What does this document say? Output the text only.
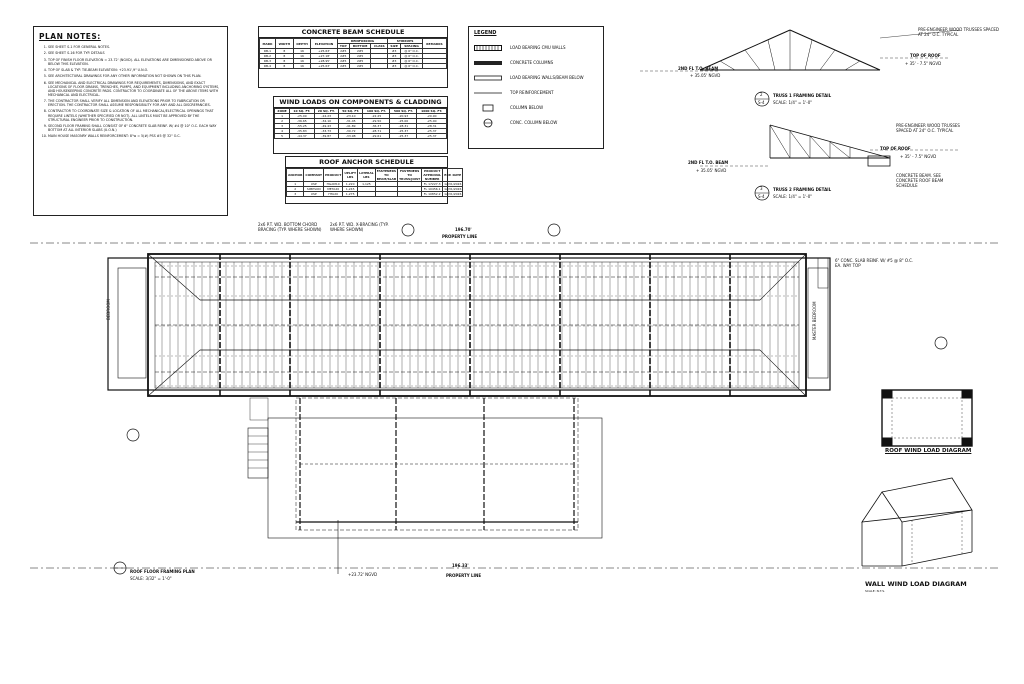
PLAN NOTES:
1. SEE SHEET S-1 FOR GENERAL NOTES.
2. SEE SHEET S-16 FOR TYP. DETAILS
3. TOP OF FINISH FLOOR ELEVATION = 23.72' (NGVD). ALL ELEVATIONS ARE DIMENSIONED ABOVE OR BELOW THIS ELEVATION.
4. TOP OF SLAB & TYP. TIE-BEAM ELEVATION: +23.91',9" U.N.O.
5. SEE ARCHITECTURAL DRAWINGS FOR ANY OTHER INFORMATION NOT SHOWN ON THIS PLAN.
6. SEE MECHANICAL AND ELECTRICAL DRAWINGS FOR REQUIREMENTS, DIMENSIONS, AND EXACT LOCATIONS OF FLOOR DRAINS, TRENCHES, PUMPS, AND EQUIPMENT INCLUDING ANCHORING SYSTEMS, AND HOUSEKEEPING CONCRETE PADS. CONTRACTOR TO COORDINATE ALL OF THE ABOVE ITEMS WITH MECHANICAL AND ELECTRICAL.
7. THE CONTRACTOR SHALL VERIFY ALL DIMENSION AND ELEVATIONS PRIOR TO FABRICATION OR ERECTION. THE CONTRACTOR SHALL ASSUME RESPONSIBILITY FOR ANY AND ALL DISCREPANCIES.
8. CONTRACTOR TO COORDINATE SIZE & LOCATION OF ALL MECHANICAL/ELECTRICAL OPENINGS THAT REQUIRE LINTELS (WHETHER SPECIFIED OR NOT). ALL LINTELS MUST BE APPROVED BY THE STRUCTURAL ENGINEER PRIOR TO CONSTRUCTION.
9. SECOND FLOOR FRAMING SHALL CONSIST OF 6" CONCRETE SLAB REINF. W/ #4 @ 10" O.C. EACH WAY BOTTOM AT ALL INTERIOR SLABS (U.O.N.)
10. MAIN HOUSE MASONRY WALLS REINFORCEMENT: 8"w = 5(#) PSS #5 @ 32" O.C.
CONCRETE BEAM SCHEDULE
MARK	WIDTH	DEPTH	ELEVATION	REINFORCING			STIRRUPS		REMARKS
				TOP	BOTTOM	CLASS	SIZE	SPACING	
RB-1	8	16	+25.63'	2#5	2#5		#3	@ 6" O.C.	
RB-2	8	16	+27.18'	2#5	2#5		#3	@ 6" O.C.	
RB-3	8	16	+28.95'	2#5	2#5		#3	@ 6" O.C.	
RB-4	8	16	+25.63'	2#5	2#5		#3	@ 6" O.C.	
WIND LOADS ON COMPONENTS & CLADDING
ZONE	10 SQ. FT.	20 SQ. FT.	50 SQ. FT.	100 SQ. FT.	500 SQ. FT.	1000 SQ. FT.
1	-25.09	-24.23	-23.10	-22.25	-20.93	-20.90
2	-36.65	-34.10	-31.45	-29.50	-25.00	-25.00
3	-55.25	-49.43	-41.89	-36.37	-28.31	-28.31
4	-35.83	-33.73	-30.72	-28.71	-25.37	-25.37
5	-44.37	-39.87	-33.98	-29.61	-25.37	-25.37
ROOF ANCHOR SCHEDULE
ANCHOR	COMPANY	PRODUCT	UPLIFT LBS	LATERAL LBS	FASTENERS TO BEAM/SLAB	FASTENERS TO TRUSS/JOIST	PRODUCT APPROVAL NUMBER	EXP. DATE
1	USP	HGAM10	1,220	1,125			FL 17227.3	12/31/2026
2	SIMPSON	META20	1,245				FL 10456.1	12/31/2026
3	USP	HTA20	1,275				FL 10852.2	12/31/2026
LEGEND
LOAD BEARING CMU WALLS
CONCRETE COLUMNS
LOAD BEARING WALLS/BEAM BELOW
TOP REINFORCEMENT
COLUMN BELOW
CONC. COLUMN BELOW
PRE-ENGINEER WOOD TRUSSES SPACED AT 24" O.C. TYPICAL
TOP OF ROOF
+ 35' - 7.5" NGVD
2ND FL T.O. BEAM
+ 35.05' NGVD
2
S-4
TRUSS 1 FRAMING DETAIL
SCALE: 1/4" = 1'-0"
PRE-ENGINEER WOOD TRUSSES SPACED AT 24" O.C. TYPICAL
TOP OF ROOF
+ 35' - 7.5" NGVD
2ND FL T.O. BEAM
+ 35.05' NGVD
CONCRETE BEAM. SEE CONCRETE ROOF BEAM SCHEDULE
3
S-4
TRUSS 2 FRAMING DETAIL
SCALE: 1/4" = 1'-0"
196.70'
PROPERTY LINE
2x6 P.T. WD. BOTTOM CHORD BRACING (TYP. WHERE SHOWN)
2x6 P.T. WD. X-BRACING (TYP. WHERE SHOWN)
6" CONC. SLAB REINF. W/ #5 @ 8" O.C. EA. WAY TOP
BEDROOM	MASTER BEDROOM
196.33'
PROPERTY LINE
ROOF FLOOR FRAMING PLAN
SCALE: 3/32" = 1'-0"
+23.72' NGVD
ROOF WIND LOAD DIAGRAM
WALL WIND LOAD DIAGRAM
SCALE: N.T.S.
